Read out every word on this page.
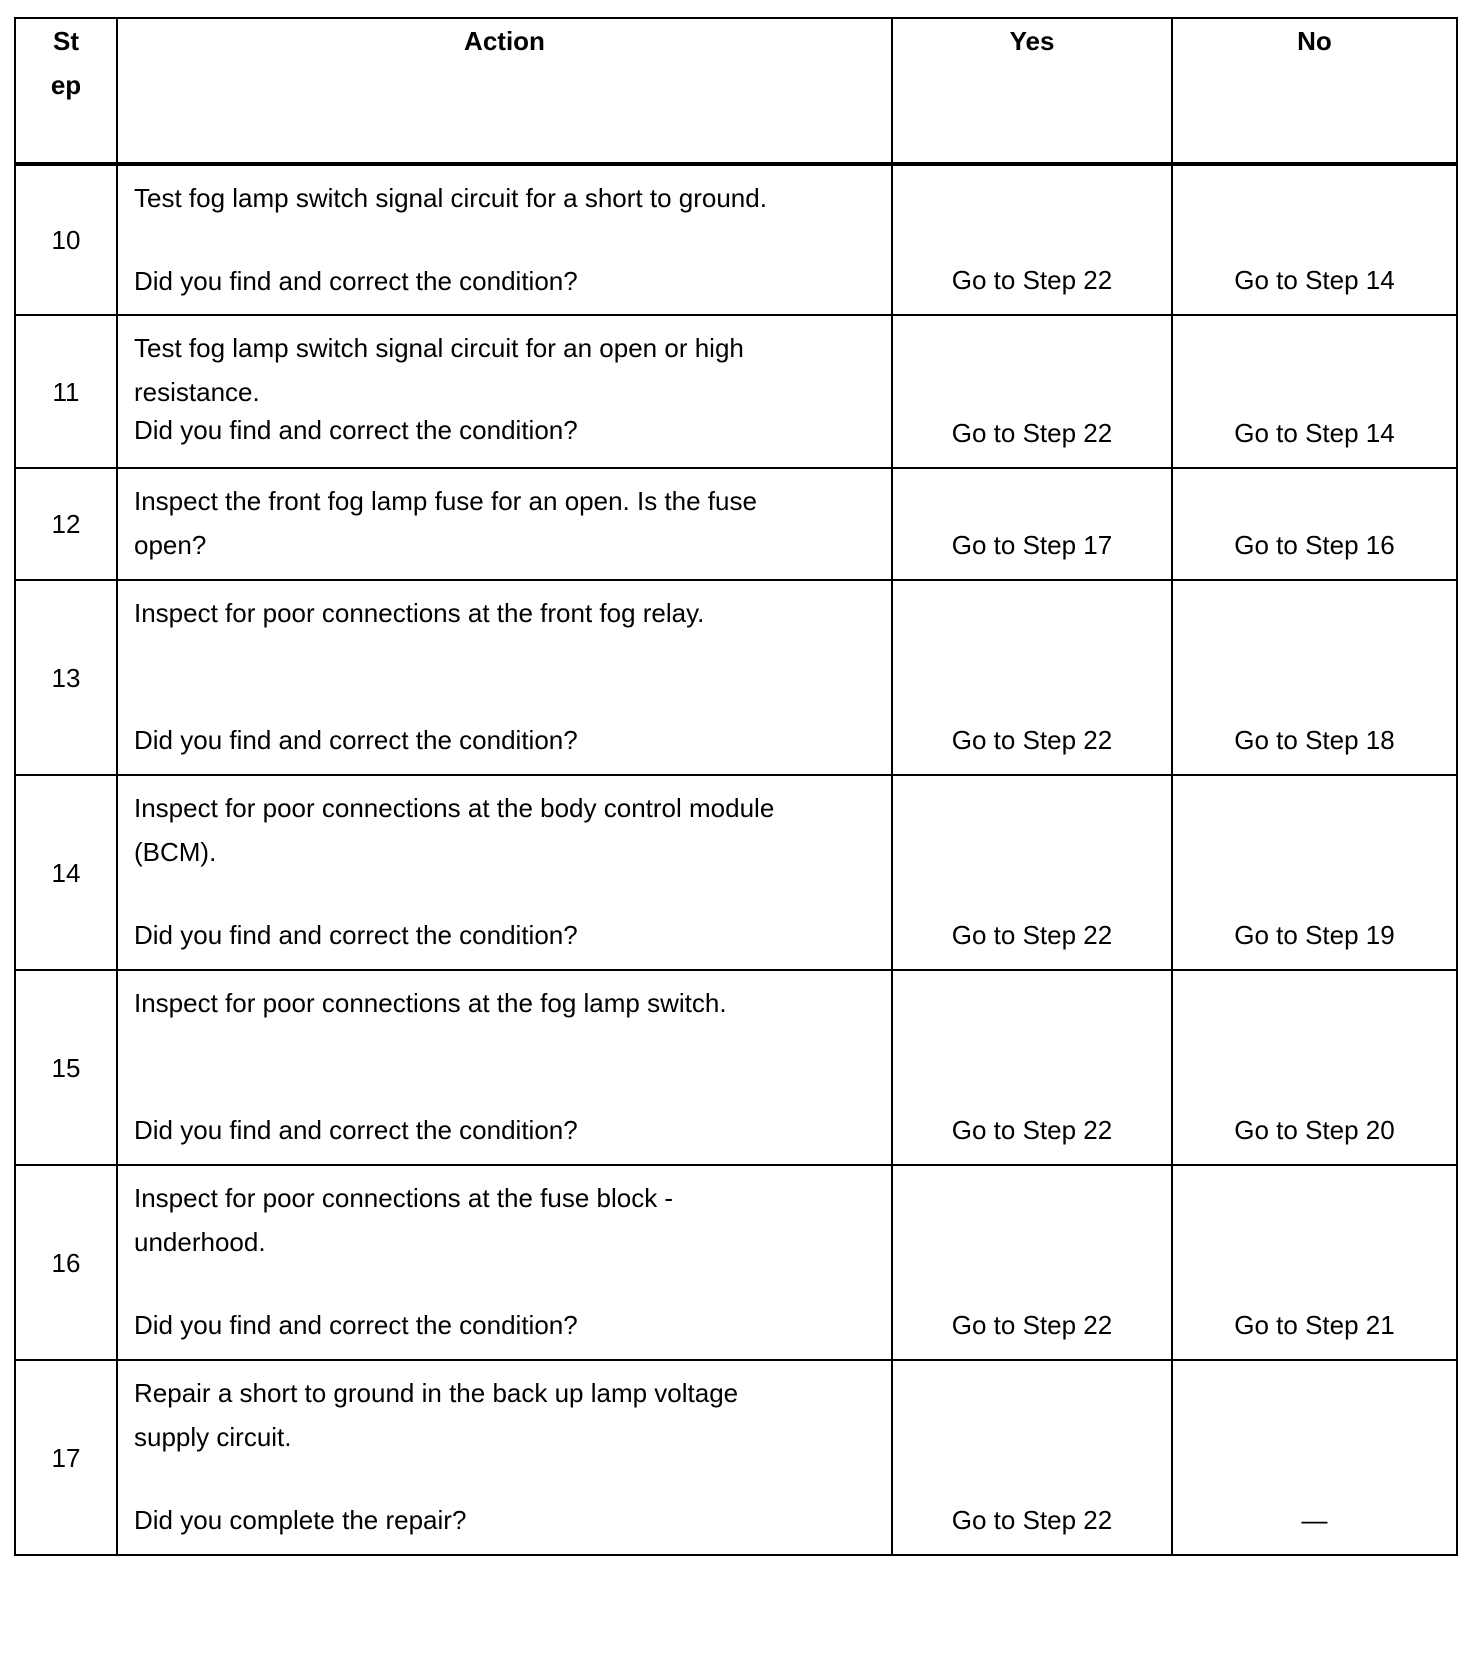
St
ep	Action	Yes	No
10	Test fog lamp switch signal circuit for a short to ground.
Did you find and correct the condition?	Go to Step 22	Go to Step 14
11	Test fog lamp switch signal circuit for an open or high
resistance.
Did you find and correct the condition?	Go to Step 22	Go to Step 14
12	Inspect the front fog lamp fuse for an open. Is the fuse
open?	Go to Step 17	Go to Step 16
13	Inspect for poor connections at the front fog relay.
Did you find and correct the condition?	Go to Step 22	Go to Step 18
14	Inspect for poor connections at the body control module
(BCM).
Did you find and correct the condition?	Go to Step 22	Go to Step 19
15	Inspect for poor connections at the fog lamp switch.
Did you find and correct the condition?	Go to Step 22	Go to Step 20
16	Inspect for poor connections at the fuse block -
underhood.
Did you find and correct the condition?	Go to Step 22	Go to Step 21
17	Repair a short to ground in the back up lamp voltage
supply circuit.
Did you complete the repair?	Go to Step 22	—
